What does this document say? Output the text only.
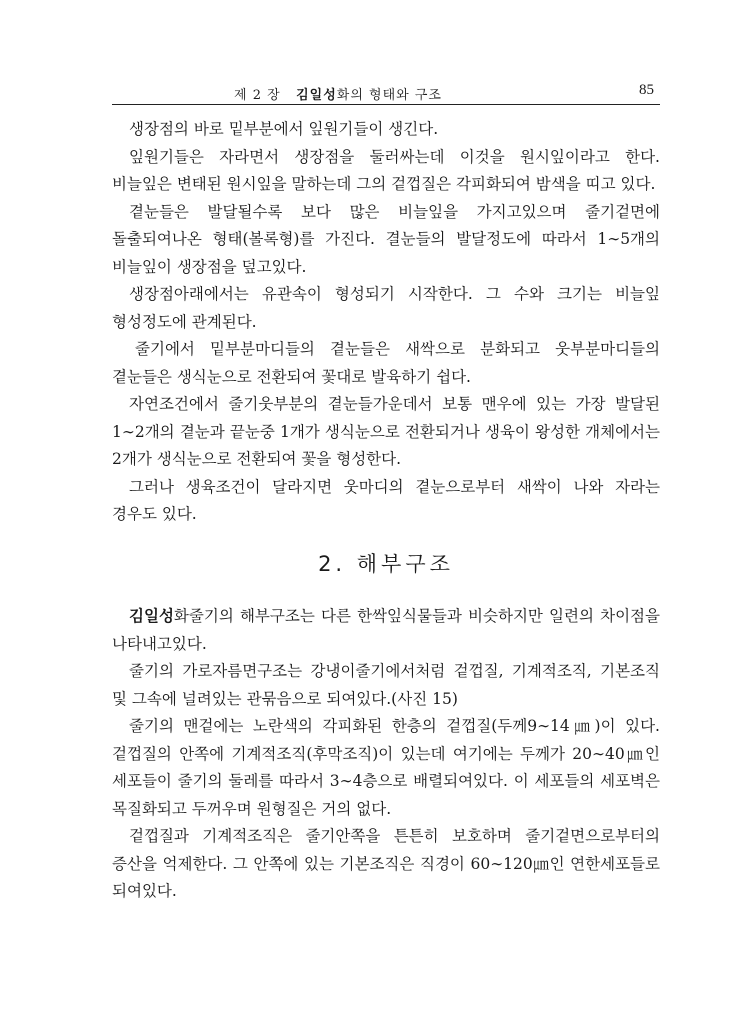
제 2 장 김일성화의 형태와 구조	85

생장점의 바로 밑부분에서 잎원기들이 생긴다.

잎원기들은 자라면서 생장점을 둘러싸는데 이것을 원시잎이라고 한다. 비늘잎은 변태된 원시잎을 말하는데 그의 겉껍질은 각피화되여 밤색을 띠고 있다.

곁눈들은 발달될수록 보다 많은 비늘잎을 가지고있으며 줄기겉면에 돌출되여나온 형태(볼록형)를 가진다. 결눈들의 발달정도에 따라서 1∼5개의 비늘잎이 생장점을 덮고있다.

생장점아래에서는 유관속이 형성되기 시작한다. 그 수와 크기는 비늘잎 형성정도에 관계된다.

줄기에서 밑부분마디들의 곁눈들은 새싹으로 분화되고 웃부분마디들의 곁눈들은 생식눈으로 전환되여 꽃대로 발육하기 쉽다.

자연조건에서 줄기웃부분의 곁눈들가운데서 보통 맨우에 있는 가장 발달된 1∼2개의 곁눈과 끝눈중 1개가 생식눈으로 전환되거나 생육이 왕성한 개체에서는 2개가 생식눈으로 전환되여 꽃을 형성한다.

그러나 생육조건이 달라지면 웃마디의 곁눈으로부터 새싹이 나와 자라는 경우도 있다.

2. 해부구조

김일성화줄기의 해부구조는 다른 한싹잎식물들과 비슷하지만 일련의 차이점을 나타내고있다.

줄기의 가로자름면구조는 강냉이줄기에서처럼 겉껍질, 기계적조직, 기본조직 및 그속에 널려있는 관묶음으로 되여있다.(사진 15)

줄기의 맨겉에는 노란색의 각피화된 한층의 겉껍질(두께9∼14㎛)이 있다. 겉껍질의 안쪽에 기계적조직(후막조직)이 있는데 여기에는 두께가 20∼40㎛인 세포들이 줄기의 둘레를 따라서 3∼4층으로 배렬되여있다. 이 세포들의 세포벽은 목질화되고 두꺼우며 원형질은 거의 없다.

겉껍질과 기계적조직은 줄기안쪽을 튼튼히 보호하며 줄기겉면으로부터의 증산을 억제한다. 그 안쪽에 있는 기본조직은 직경이 60∼120㎛인 연한세포들로 되여있다.
